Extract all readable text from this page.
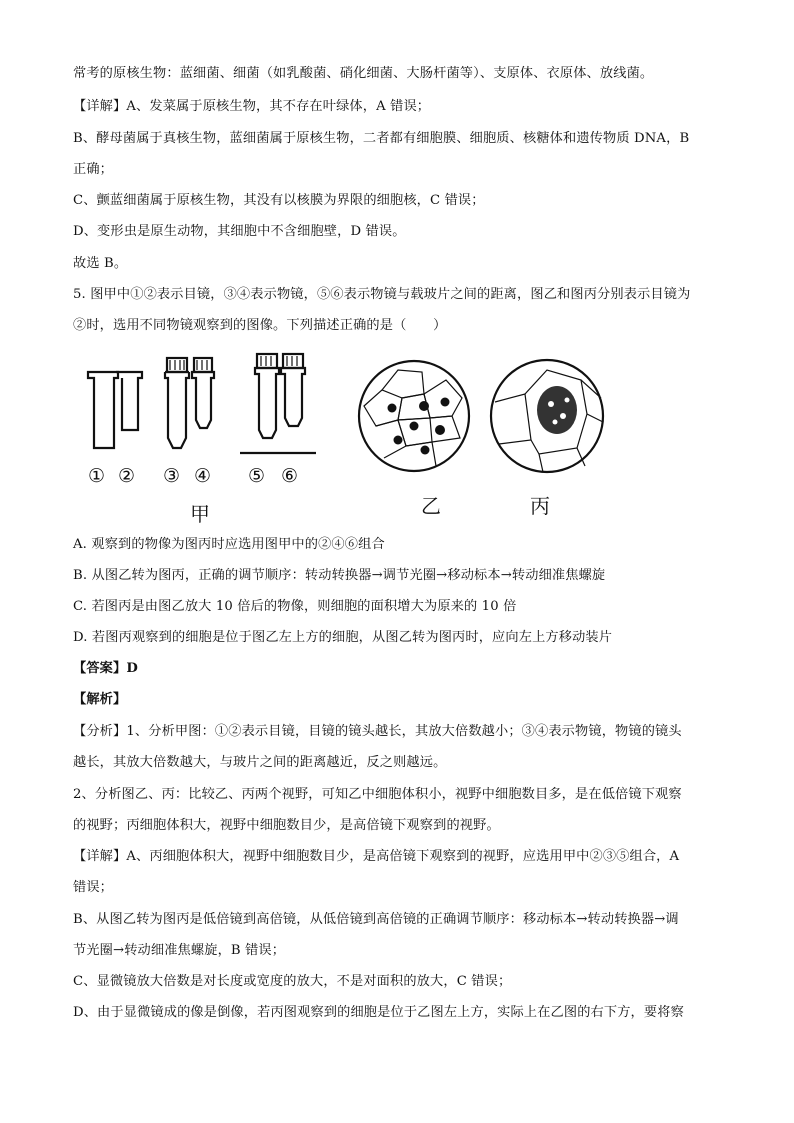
常考的原核生物：蓝细菌、细菌（如乳酸菌、硝化细菌、大肠杆菌等）、支原体、衣原体、放线菌。
【详解】A、发菜属于原核生物，其不存在叶绿体，A 错误；
B、酵母菌属于真核生物，蓝细菌属于原核生物，二者都有细胞膜、细胞质、核糖体和遗传物质 DNA，B
正确；
C、颤蓝细菌属于原核生物，其没有以核膜为界限的细胞核，C 错误；
D、变形虫是原生动物，其细胞中不含细胞壁，D 错误。
故选 B。
5. 图甲中①②表示目镜，③④表示物镜，⑤⑥表示物镜与载玻片之间的距离，图乙和图丙分别表示目镜为
②时，选用不同物镜观察到的图像。下列描述正确的是（　　）
① ② ③ ④ ⑤ ⑥
甲	乙	丙
A. 观察到的物像为图丙时应选用图甲中的②④⑥组合
B. 从图乙转为图丙，正确的调节顺序：转动转换器→调节光圈→移动标本→转动细准焦螺旋
C. 若图丙是由图乙放大 10 倍后的物像，则细胞的面积增大为原来的 10 倍
D. 若图丙观察到的细胞是位于图乙左上方的细胞，从图乙转为图丙时，应向左上方移动装片
【答案】D
【解析】
【分析】1、分析甲图：①②表示目镜，目镜的镜头越长，其放大倍数越小；③④表示物镜，物镜的镜头
越长，其放大倍数越大，与玻片之间的距离越近，反之则越远。
2、分析图乙、丙：比较乙、丙两个视野，可知乙中细胞体积小，视野中细胞数目多，是在低倍镜下观察
的视野；丙细胞体积大，视野中细胞数目少，是高倍镜下观察到的视野。
【详解】A、丙细胞体积大，视野中细胞数目少，是高倍镜下观察到的视野，应选用甲中②③⑤组合，A
错误；
B、从图乙转为图丙是低倍镜到高倍镜，从低倍镜到高倍镜的正确调节顺序：移动标本→转动转换器→调
节光圈→转动细准焦螺旋，B 错误；
C、显微镜放大倍数是对长度或宽度的放大，不是对面积的放大，C 错误；
D、由于显微镜成的像是倒像，若丙图观察到的细胞是位于乙图左上方，实际上在乙图的右下方，要将察
